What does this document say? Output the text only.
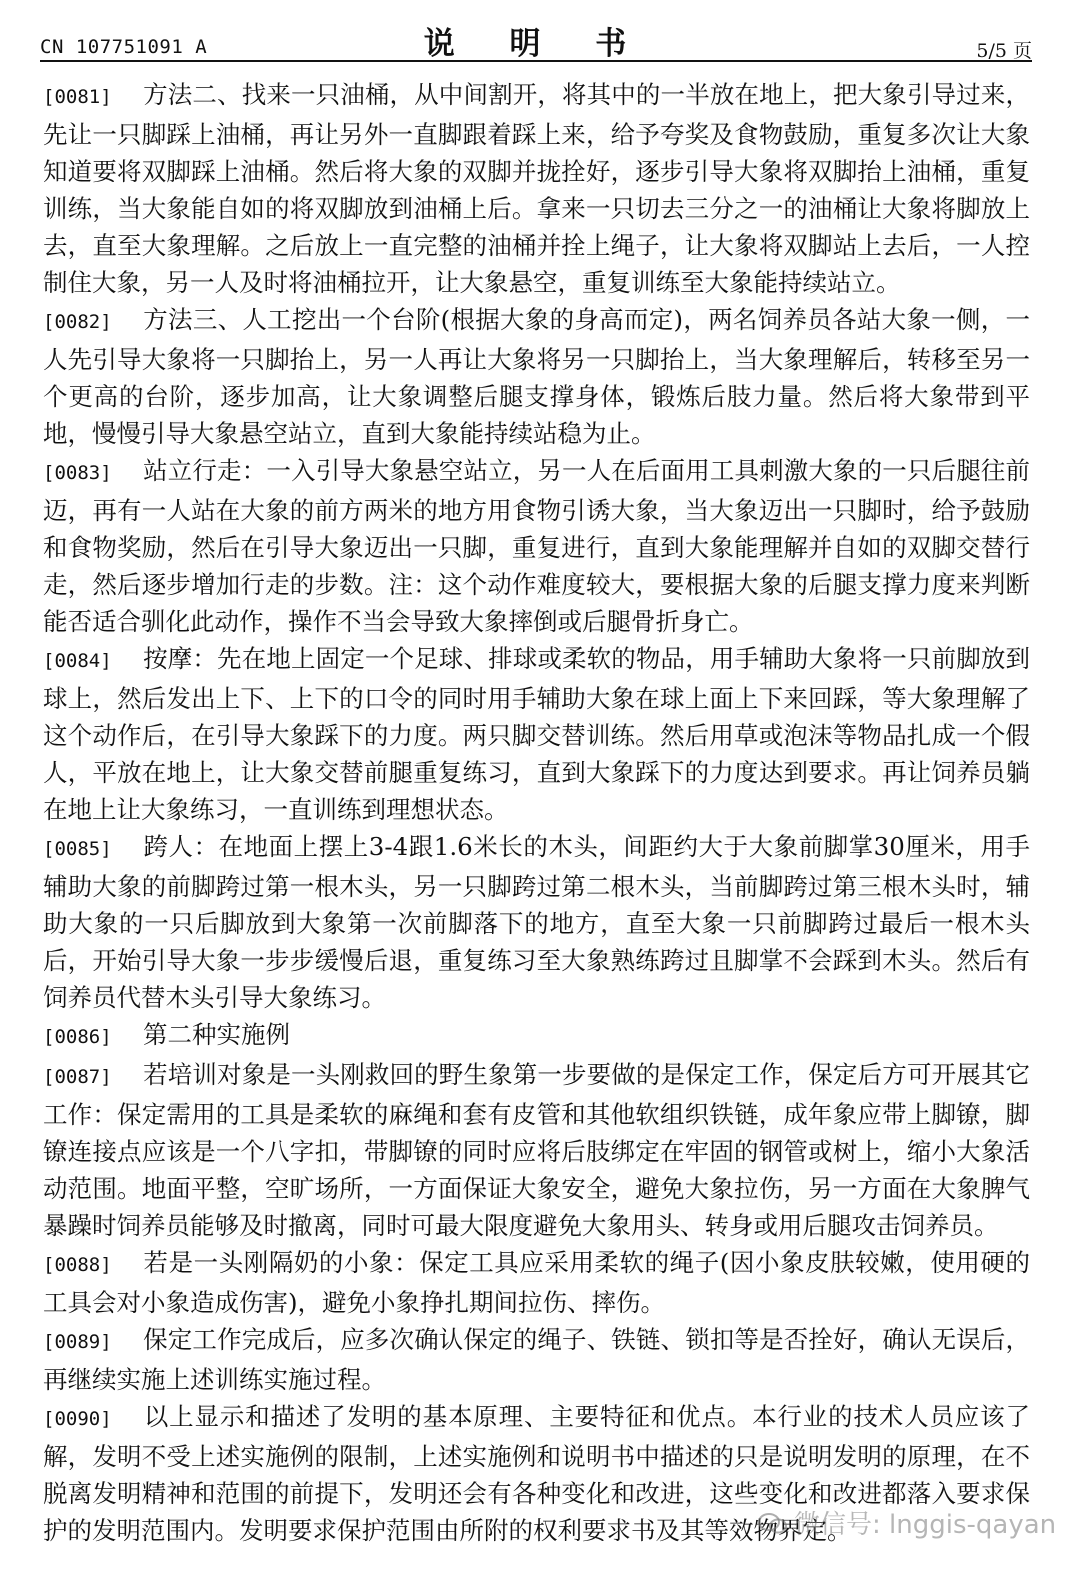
CN 107751091 A	说 明 书	5/5 页
[0081] 方法二、找来一只油桶，从中间割开，将其中的一半放在地上，把大象引导过来，先让一只脚踩上油桶，再让另外一直脚跟着踩上来，给予夸奖及食物鼓励，重复多次让大象知道要将双脚踩上油桶。然后将大象的双脚并拢拴好，逐步引导大象将双脚抬上油桶，重复训练，当大象能自如的将双脚放到油桶上后。拿来一只切去三分之一的油桶让大象将脚放上去，直至大象理解。之后放上一直完整的油桶并拴上绳子，让大象将双脚站上去后，一人控制住大象，另一人及时将油桶拉开，让大象悬空，重复训练至大象能持续站立。
[0082] 方法三、人工挖出一个台阶(根据大象的身高而定)，两名饲养员各站大象一侧，一人先引导大象将一只脚抬上，另一人再让大象将另一只脚抬上，当大象理解后，转移至另一个更高的台阶，逐步加高，让大象调整后腿支撑身体，锻炼后肢力量。然后将大象带到平地，慢慢引导大象悬空站立，直到大象能持续站稳为止。
[0083] 站立行走：一入引导大象悬空站立，另一人在后面用工具刺激大象的一只后腿往前迈，再有一人站在大象的前方两米的地方用食物引诱大象，当大象迈出一只脚时，给予鼓励和食物奖励，然后在引导大象迈出一只脚，重复进行，直到大象能理解并自如的双脚交替行走，然后逐步增加行走的步数。注：这个动作难度较大，要根据大象的后腿支撑力度来判断能否适合驯化此动作，操作不当会导致大象摔倒或后腿骨折身亡。
[0084] 按摩：先在地上固定一个足球、排球或柔软的物品，用手辅助大象将一只前脚放到球上，然后发出上下、上下的口令的同时用手辅助大象在球上面上下来回踩，等大象理解了这个动作后，在引导大象踩下的力度。两只脚交替训练。然后用草或泡沫等物品扎成一个假人，平放在地上，让大象交替前腿重复练习，直到大象踩下的力度达到要求。再让饲养员躺在地上让大象练习，一直训练到理想状态。
[0085] 跨人：在地面上摆上3-4跟1.6米长的木头，间距约大于大象前脚掌30厘米，用手辅助大象的前脚跨过第一根木头，另一只脚跨过第二根木头，当前脚跨过第三根木头时，辅助大象的一只后脚放到大象第一次前脚落下的地方，直至大象一只前脚跨过最后一根木头后，开始引导大象一步步缓慢后退，重复练习至大象熟练跨过且脚掌不会踩到木头。然后有饲养员代替木头引导大象练习。
[0086] 第二种实施例
[0087] 若培训对象是一头刚救回的野生象第一步要做的是保定工作，保定后方可开展其它工作：保定需用的工具是柔软的麻绳和套有皮管和其他软组织铁链，成年象应带上脚镣，脚镣连接点应该是一个八字扣，带脚镣的同时应将后肢绑定在牢固的钢管或树上，缩小大象活动范围。地面平整，空旷场所，一方面保证大象安全，避免大象拉伤，另一方面在大象脾气暴躁时饲养员能够及时撤离，同时可最大限度避免大象用头、转身或用后腿攻击饲养员。
[0088] 若是一头刚隔奶的小象：保定工具应采用柔软的绳子(因小象皮肤较嫩，使用硬的工具会对小象造成伤害)，避免小象挣扎期间拉伤、摔伤。
[0089] 保定工作完成后，应多次确认保定的绳子、铁链、锁扣等是否拴好，确认无误后，再继续实施上述训练实施过程。
[0090] 以上显示和描述了发明的基本原理、主要特征和优点。本行业的技术人员应该了解，发明不受上述实施例的限制，上述实施例和说明书中描述的只是说明发明的原理，在不脱离发明精神和范围的前提下，发明还会有各种变化和改进，这些变化和改进都落入要求保护的发明范围内。发明要求保护范围由所附的权利要求书及其等效物界定。
微信号: lnggis-qayan
